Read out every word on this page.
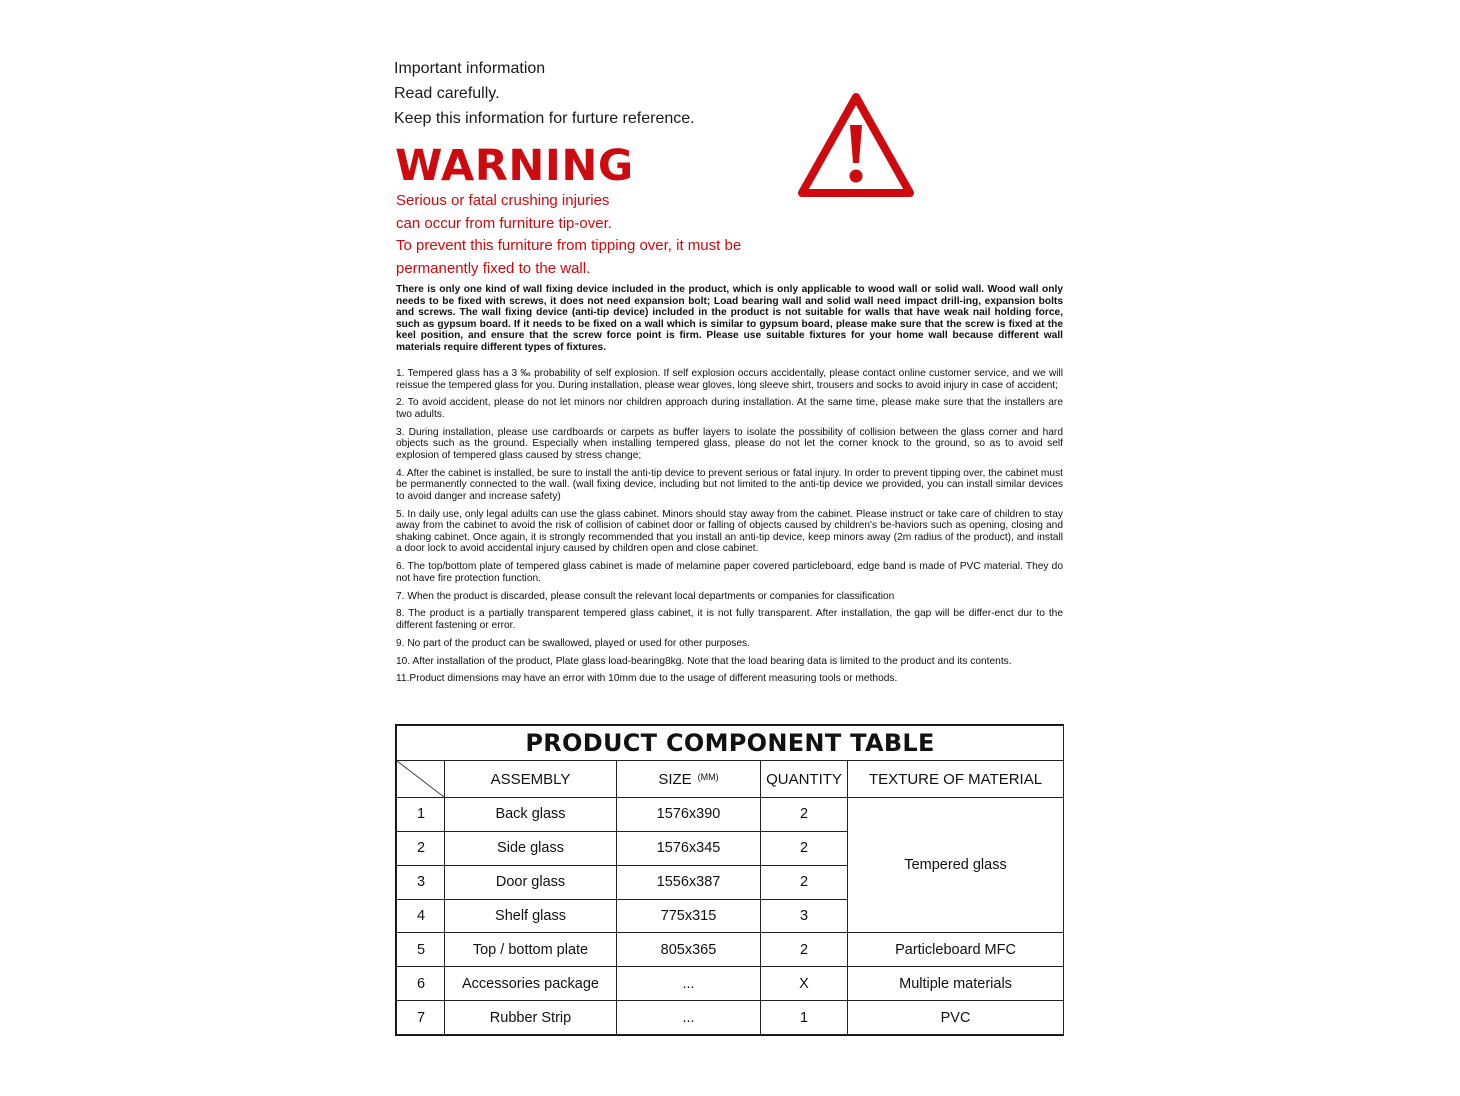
Important information
Read carefully.
Keep this information for furture reference.
WARNING
Serious or fatal crushing injuries
can occur from furniture tip-over.
To prevent this furniture from tipping over, it must be
permanently fixed to the wall.
There is only one kind of wall fixing device included in the product, which is only applicable to wood wall or solid wall. Wood wall only needs to be fixed with screws, it does not need expansion bolt; Load bearing wall and solid wall need impact drill-ing, expansion bolts and screws. The wall fixing device (anti-tip device) included in the product is not suitable for walls that have weak nail holding force, such as gypsum board. If it needs to be fixed on a wall which is similar to gypsum board, please make sure that the screw is fixed at the keel position, and ensure that the screw force point is firm. Please use suitable fixtures for your home wall because different wall materials require different types of fixtures.

1. Tempered glass has a 3 ‰ probability of self explosion. If self explosion occurs accidentally, please contact online customer service, and we will reissue the tempered glass for you. During installation, please wear gloves, long sleeve shirt, trousers and socks to avoid injury in case of accident;

2. To avoid accident, please do not let minors nor children approach during installation. At the same time, please make sure that the installers are two adults.

3. During installation, please use cardboards or carpets as buffer layers to isolate the possibility of collision between the glass corner and hard objects such as the ground. Especially when installing tempered glass, please do not let the corner knock to the ground, so as to avoid self explosion of tempered glass caused by stress change;

4. After the cabinet is installed, be sure to install the anti-tip device to prevent serious or fatal injury. In order to prevent tipping over, the cabinet must be permanently connected to the wall. (wall fixing device, including but not limited to the anti-tip device we provided, you can install similar devices to avoid danger and increase safety)

5. In daily use, only legal adults can use the glass cabinet. Minors should stay away from the cabinet. Please instruct or take care of children to stay away from the cabinet to avoid the risk of collision of cabinet door or falling of objects caused by children's be-haviors such as opening, closing and shaking cabinet. Once again, it is strongly recommended that you install an anti-tip device, keep minors away (2m radius of the product), and install a door lock to avoid accidental injury caused by children open and close cabinet.

6. The top/bottom plate of tempered glass cabinet is made of melamine paper covered particleboard, edge band is made of PVC material. They do not have fire protection function.

7. When the product is discarded, please consult the relevant local departments or companies for classification

8. The product is a partially transparent tempered glass cabinet, it is not fully transparent. After installation, the gap will be differ-enct dur to the different fastening or error.

9. No part of the product can be swallowed, played or used for other purposes.

10. After installation of the product, Plate glass load-bearing8kg. Note that the load bearing data is limited to the product and its contents.

11.Product dimensions may have an error with 10mm due to the usage of different measuring tools or methods.

PRODUCT COMPONENT TABLE				

	ASSEMBLY	SIZE $^{(MM)}$	QUANTITY	TEXTURE OF MATERIAL
1	Back glass	1576x390	2	Tempered glass
2	Side glass	1576x345	2	
3	Door glass	1556x387	2	
4	Shelf glass	775x315	3	
5	Top / bottom plate	805x365	2	Particleboard MFC
6	Accessories package	...	X	Multiple materials
7	Rubber Strip	...	1	PVC
